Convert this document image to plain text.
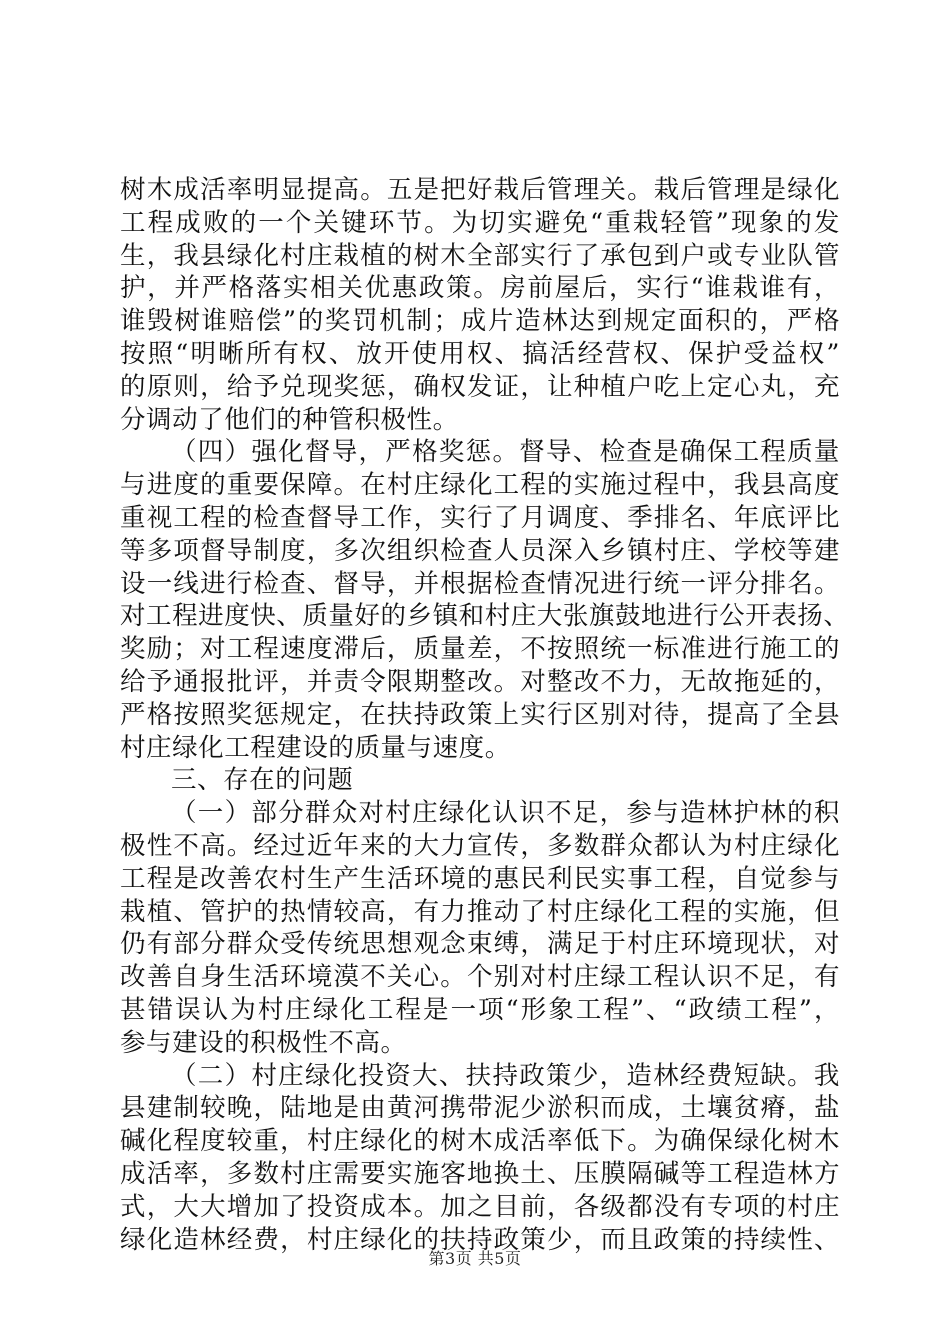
树木成活率明显提高。五是把好栽后管理关。栽后管理是绿化
工程成败的一个关键环节。为切实避免“重栽轻管”现象的发
生，我县绿化村庄栽植的树木全部实行了承包到户或专业队管
护，并严格落实相关优惠政策。房前屋后，实行“谁栽谁有，
谁毁树谁赔偿”的奖罚机制；成片造林达到规定面积的，严格
按照“明晰所有权、放开使用权、搞活经营权、保护受益权”
的原则，给予兑现奖惩，确权发证，让种植户吃上定心丸，充
分调动了他们的种管积极性。
（四）强化督导，严格奖惩。督导、检查是确保工程质量
与进度的重要保障。在村庄绿化工程的实施过程中，我县高度
重视工程的检查督导工作，实行了月调度、季排名、年底评比
等多项督导制度，多次组织检查人员深入乡镇村庄、学校等建
设一线进行检查、督导，并根据检查情况进行统一评分排名。
对工程进度快、质量好的乡镇和村庄大张旗鼓地进行公开表扬、
奖励；对工程速度滞后，质量差，不按照统一标准进行施工的
给予通报批评，并责令限期整改。对整改不力，无故拖延的，
严格按照奖惩规定，在扶持政策上实行区别对待，提高了全县
村庄绿化工程建设的质量与速度。
三、存在的问题
（一）部分群众对村庄绿化认识不足，参与造林护林的积
极性不高。经过近年来的大力宣传，多数群众都认为村庄绿化
工程是改善农村生产生活环境的惠民利民实事工程，自觉参与
栽植、管护的热情较高，有力推动了村庄绿化工程的实施，但
仍有部分群众受传统思想观念束缚，满足于村庄环境现状，对
改善自身生活环境漠不关心。个别对村庄绿工程认识不足，有
甚错误认为村庄绿化工程是一项“形象工程”、“政绩工程”，
参与建设的积极性不高。
（二）村庄绿化投资大、扶持政策少，造林经费短缺。我
县建制较晚，陆地是由黄河携带泥少淤积而成，土壤贫瘠，盐
碱化程度较重，村庄绿化的树木成活率低下。为确保绿化树木
成活率，多数村庄需要实施客地换土、压膜隔碱等工程造林方
式，大大增加了投资成本。加之目前，各级都没有专项的村庄
绿化造林经费，村庄绿化的扶持政策少，而且政策的持续性、
第3页 共5页
